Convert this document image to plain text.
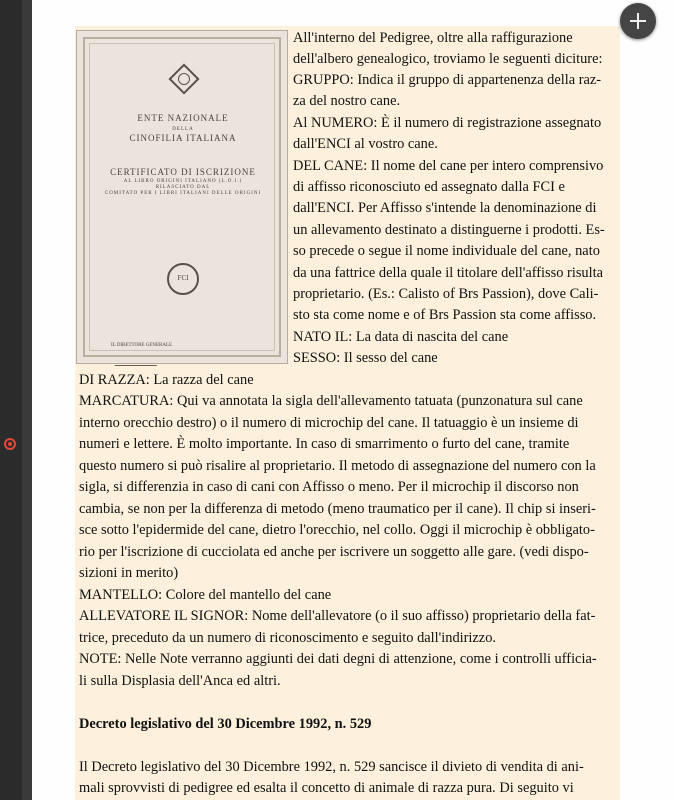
ENTE NAZIONALE
DELLA
CINOFILIA ITALIANA
CERTIFICATO DI ISCRIZIONE
AL LIBRO ORIGINI ITALIANO (L.O.I.)
RILASCIATO DAL
COMITATO PER I LIBRI ITALIANI DELLE ORIGINI
FCI
IL DIRETTORE GENERALE
All'interno del Pedigree, oltre alla raffigurazione
dell'albero genealogico, troviamo le seguenti diciture:
GRUPPO: Indica il gruppo di appartenenza della raz-
za del nostro cane.
Al NUMERO: È il numero di registrazione assegnato
dall'ENCI al vostro cane.
DEL CANE: Il nome del cane per intero comprensivo
di affisso riconosciuto ed assegnato dalla FCI e
dall'ENCI. Per Affisso s'intende la denominazione di
un allevamento destinato a distinguerne i prodotti. Es-
so precede o segue il nome individuale del cane, nato
da una fattrice della quale il titolare dell'affisso risulta
proprietario. (Es.: Calisto of Brs Passion), dove Cali-
sto sta come nome e of Brs Passion sta come affisso.
NATO IL: La data di nascita del cane
SESSO: Il sesso del cane
DI RAZZA: La razza del cane
MARCATURA: Qui va annotata la sigla dell'allevamento tatuata (punzonatura sul cane
interno orecchio destro) o il numero di microchip del cane. Il tatuaggio è un insieme di
numeri e lettere. È molto importante. In caso di smarrimento o furto del cane, tramite
questo numero si può risalire al proprietario. Il metodo di assegnazione del numero con la
sigla, si differenzia in caso di cani con Affisso o meno. Per il microchip il discorso non
cambia, se non per la differenza di metodo (meno traumatico per il cane). Il chip si inseri-
sce sotto l'epidermide del cane, dietro l'orecchio, nel collo. Oggi il microchip è obbligato-
rio per l'iscrizione di cucciolata ed anche per iscrivere un soggetto alle gare. (vedi dispo-
sizioni in merito)
MANTELLO: Colore del mantello del cane
ALLEVATORE IL SIGNOR: Nome dell'allevatore (o il suo affisso) proprietario della fat-
trice, preceduto da un numero di riconoscimento e seguito dall'indirizzo.
NOTE: Nelle Note verranno aggiunti dei dati degni di attenzione, come i controlli ufficia-
li sulla Displasia dell'Anca ed altri.
Decreto legislativo del 30 Dicembre 1992, n. 529
Il Decreto legislativo del 30 Dicembre 1992, n. 529 sancisce il divieto di vendita di ani-
mali sprovvisti di pedigree ed esalta il concetto di animale di razza pura. Di seguito vi
